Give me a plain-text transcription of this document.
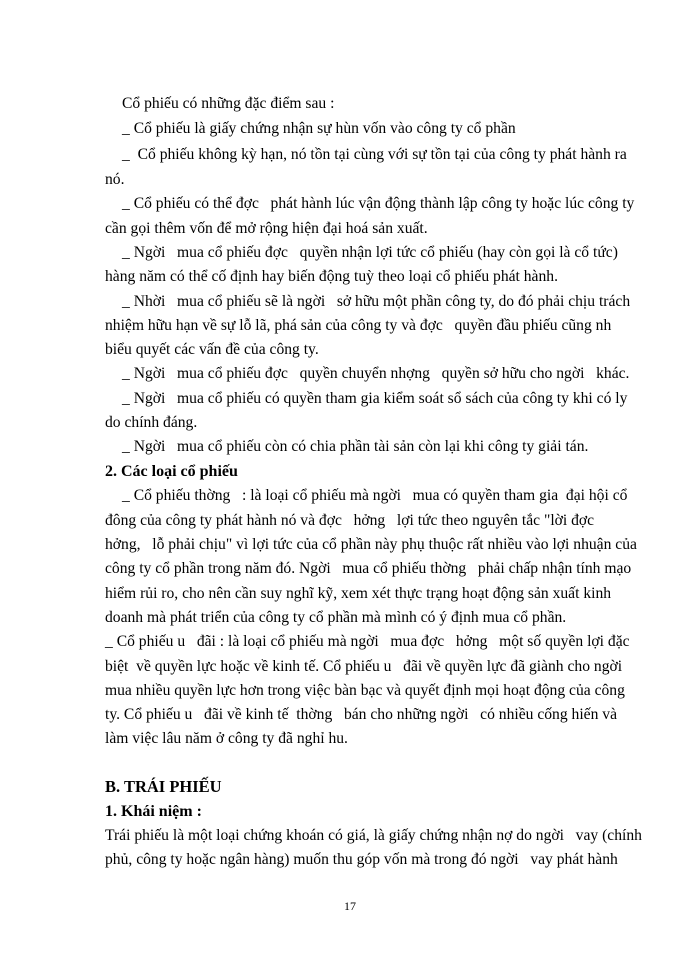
Cổ phiếu có những đặc điểm sau :
_ Cổ phiếu là giấy chứng nhận sự hùn vốn vào công ty cổ phần
_  Cổ phiếu không kỳ hạn, nó tồn tại cùng với sự tồn tại của công ty phát hành ra
nó.
_ Cổ phiếu có thể đợc   phát hành lúc vận động thành lập công ty hoặc lúc công ty
cần gọi thêm vốn để mở rộng hiện đại hoá sản xuất.
_ Ngời   mua cổ phiếu đợc   quyền nhận lợi tức cổ phiếu (hay còn gọi là cổ tức)
hàng năm có thể cố định hay biến động tuỳ theo loại cổ phiếu phát hành.
_ Nhời   mua cổ phiếu sẽ là ngời   sở hữu một phần công ty, do đó phải chịu trách
nhiệm hữu hạn về sự lỗ lã, phá sản của công ty và đợc   quyền đầu phiếu cũng nh
biểu quyết các vấn đề của công ty.
_ Ngời   mua cổ phiếu đợc   quyền chuyển nhợng   quyền sở hữu cho ngời   khác.
_ Ngời   mua cổ phiếu có quyền tham gia kiểm soát sổ sách của công ty khi có ly
do chính đáng.
_ Ngời   mua cổ phiếu còn có chia phần tài sản còn lại khi công ty giải tán.
2. Các loại cổ phiếu
_ Cổ phiếu thờng   : là loại cổ phiếu mà ngời   mua có quyền tham gia  đại hội cổ
đông của công ty phát hành nó và đợc   hởng   lợi tức theo nguyên tắc "lời đợc
hởng,   lỗ phải chịu" vì lợi tức của cổ phần này phụ thuộc rất nhiều vào lợi nhuận của
công ty cổ phần trong năm đó. Ngời   mua cổ phiếu thờng   phải chấp nhận tính mạo
hiểm rủi ro, cho nên cần suy nghĩ kỹ, xem xét thực trạng hoạt động sản xuất kinh
doanh mà phát triển của công ty cổ phần mà mình có ý định mua cổ phần.
_ Cổ phiếu u   đãi : là loại cổ phiếu mà ngời   mua đợc   hởng   một số quyền lợi đặc
biệt  về quyền lực hoặc về kinh tế. Cổ phiếu u   đãi về quyền lực đã giành cho ngời
mua nhiều quyền lực hơn trong việc bàn bạc và quyết định mọi hoạt động của công
ty. Cổ phiếu u   đãi về kinh tế  thờng   bán cho những ngời   có nhiều cống hiến và
làm việc lâu năm ở công ty đã nghỉ hu.
B. TRÁI PHIẾU
1. Khái niệm :
Trái phiếu là một loại chứng khoán có giá, là giấy chứng nhận nợ do ngời   vay (chính
phủ, công ty hoặc ngân hàng) muốn thu góp vốn mà trong đó ngời   vay phát hành
17
